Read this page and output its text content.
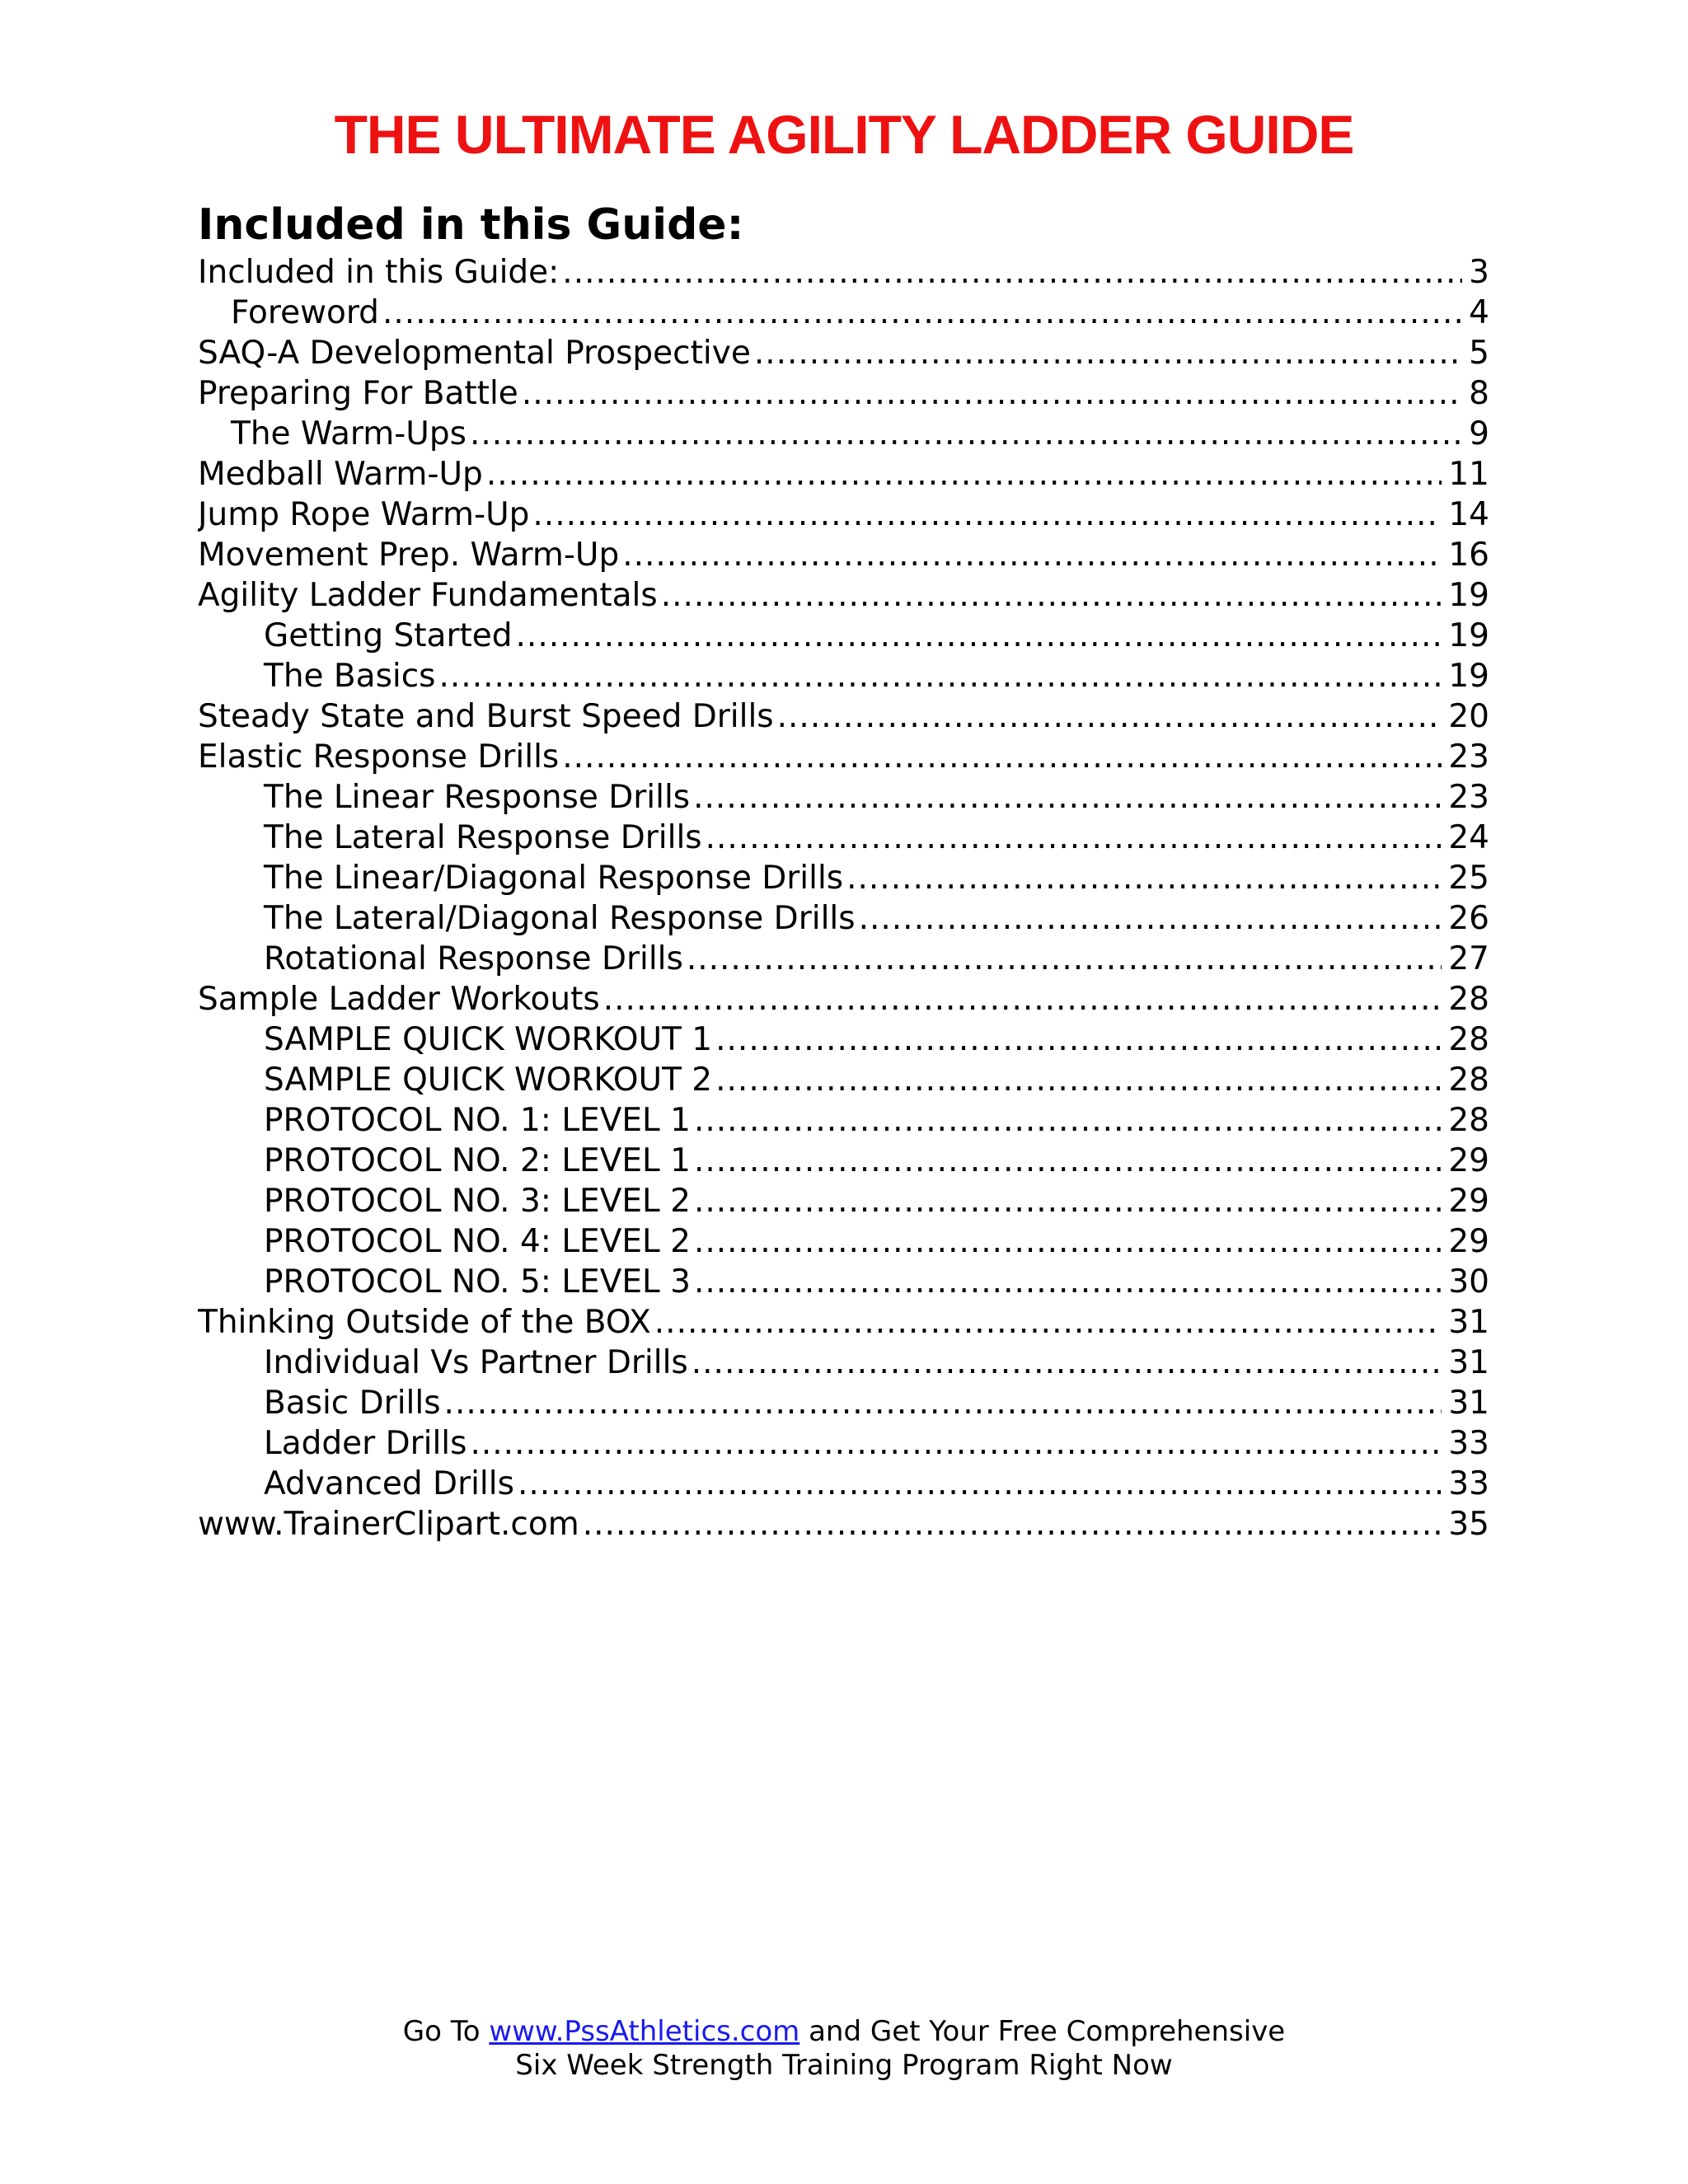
THE ULTIMATE AGILITY LADDER GUIDE
Included in this Guide:
Included in this Guide: .....	3
Foreword .....	4
SAQ-A Developmental Prospective .....	5
Preparing For Battle .....	8
The Warm-Ups .....	9
Medball Warm-Up .....	11
Jump Rope Warm-Up .....	14
Movement Prep. Warm-Up .....	16
Agility Ladder Fundamentals .....	19
Getting Started .....	19
The Basics .....	19
Steady State and Burst Speed Drills .....	20
Elastic Response Drills .....	23
The Linear Response Drills .....	23
The Lateral Response Drills .....	24
The Linear/Diagonal Response Drills .....	25
The Lateral/Diagonal Response Drills .....	26
Rotational Response Drills .....	27
Sample Ladder Workouts .....	28
SAMPLE QUICK WORKOUT 1 .....	28
SAMPLE QUICK WORKOUT 2 .....	28
PROTOCOL NO. 1: LEVEL 1 .....	28
PROTOCOL NO. 2: LEVEL 1 .....	29
PROTOCOL NO. 3: LEVEL 2 .....	29
PROTOCOL NO. 4: LEVEL 2 .....	29
PROTOCOL NO. 5: LEVEL 3 .....	30
Thinking Outside of the BOX .....	31
Individual Vs Partner Drills .....	31
Basic Drills .....	31
Ladder Drills .....	33
Advanced Drills .....	33
www.TrainerClipart.com .....	35
Go To www.PssAthletics.com and Get Your Free Comprehensive
Six Week Strength Training Program Right Now
